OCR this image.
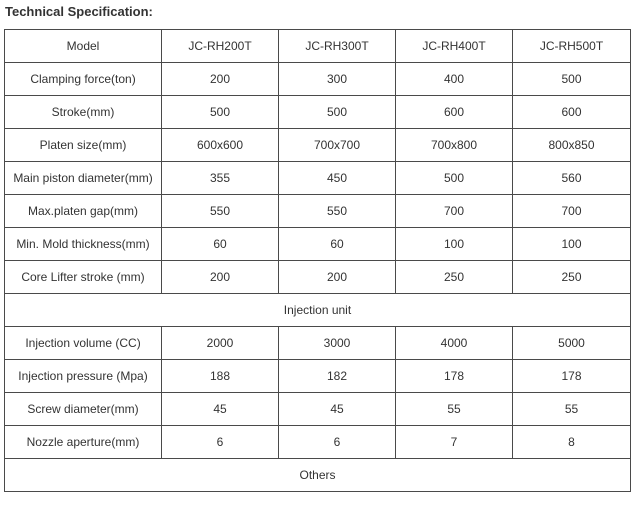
Technical Specification:
Model	JC-RH200T	JC-RH300T	JC-RH400T	JC-RH500T
Clamping force(ton)	200	300	400	500
Stroke(mm)	500	500	600	600
Platen size(mm)	600x600	700x700	700x800	800x850
Main piston diameter(mm)	355	450	500	560
Max.platen gap(mm)	550	550	700	700
Min. Mold thickness(mm)	60	60	100	100
Core Lifter stroke (mm)	200	200	250	250
Injection unit				
Injection volume (CC)	2000	3000	4000	5000
Injection pressure (Mpa)	188	182	178	178
Screw diameter(mm)	45	45	55	55
Nozzle aperture(mm)	6	6	7	8
Others				
